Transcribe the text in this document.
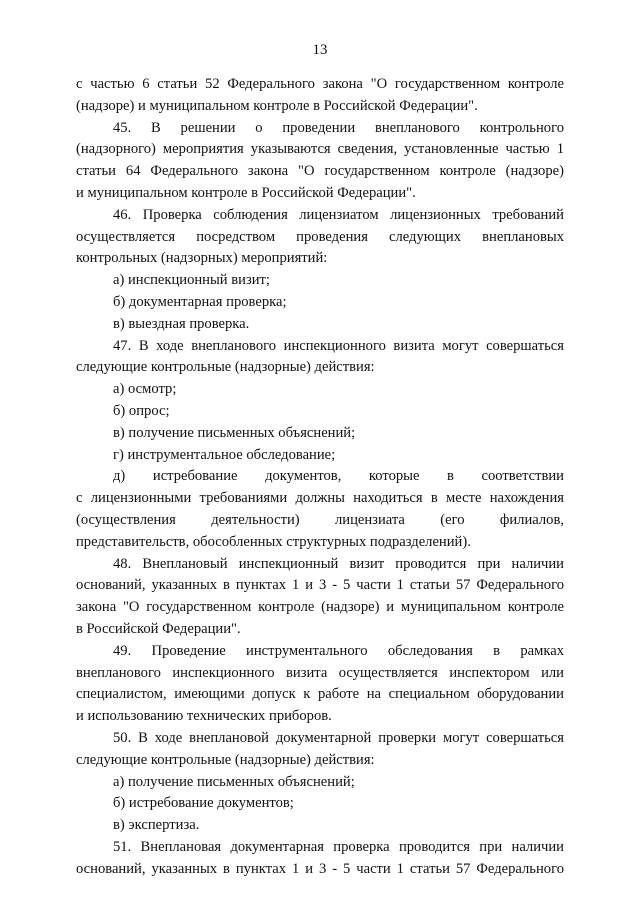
13
с частью 6 статьи 52 Федерального закона "О государственном контроле
(надзоре) и муниципальном контроле в Российской Федерации".
45. В решении о проведении внепланового контрольного
(надзорного) мероприятия указываются сведения, установленные частью 1
статьи 64 Федерального закона "О государственном контроле (надзоре)
и муниципальном контроле в Российской Федерации".
46. Проверка соблюдения лицензиатом лицензионных требований
осуществляется посредством проведения следующих внеплановых
контрольных (надзорных) мероприятий:
а) инспекционный визит;
б) документарная проверка;
в) выездная проверка.
47. В ходе внепланового инспекционного визита могут совершаться
следующие контрольные (надзорные) действия:
а) осмотр;
б) опрос;
в) получение письменных объяснений;
г) инструментальное обследование;
д) истребование документов, которые в соответствии
с лицензионными требованиями должны находиться в месте нахождения
(осуществления деятельности) лицензиата (его филиалов,
представительств, обособленных структурных подразделений).
48. Внеплановый инспекционный визит проводится при наличии
оснований, указанных в пунктах 1 и 3 - 5 части 1 статьи 57 Федерального
закона "О государственном контроле (надзоре) и муниципальном контроле
в Российской Федерации".
49. Проведение инструментального обследования в рамках
внепланового инспекционного визита осуществляется инспектором или
специалистом, имеющими допуск к работе на специальном оборудовании
и использованию технических приборов.
50. В ходе внеплановой документарной проверки могут совершаться
следующие контрольные (надзорные) действия:
а) получение письменных объяснений;
б) истребование документов;
в) экспертиза.
51. Внеплановая документарная проверка проводится при наличии
оснований, указанных в пунктах 1 и 3 - 5 части 1 статьи 57 Федерального
